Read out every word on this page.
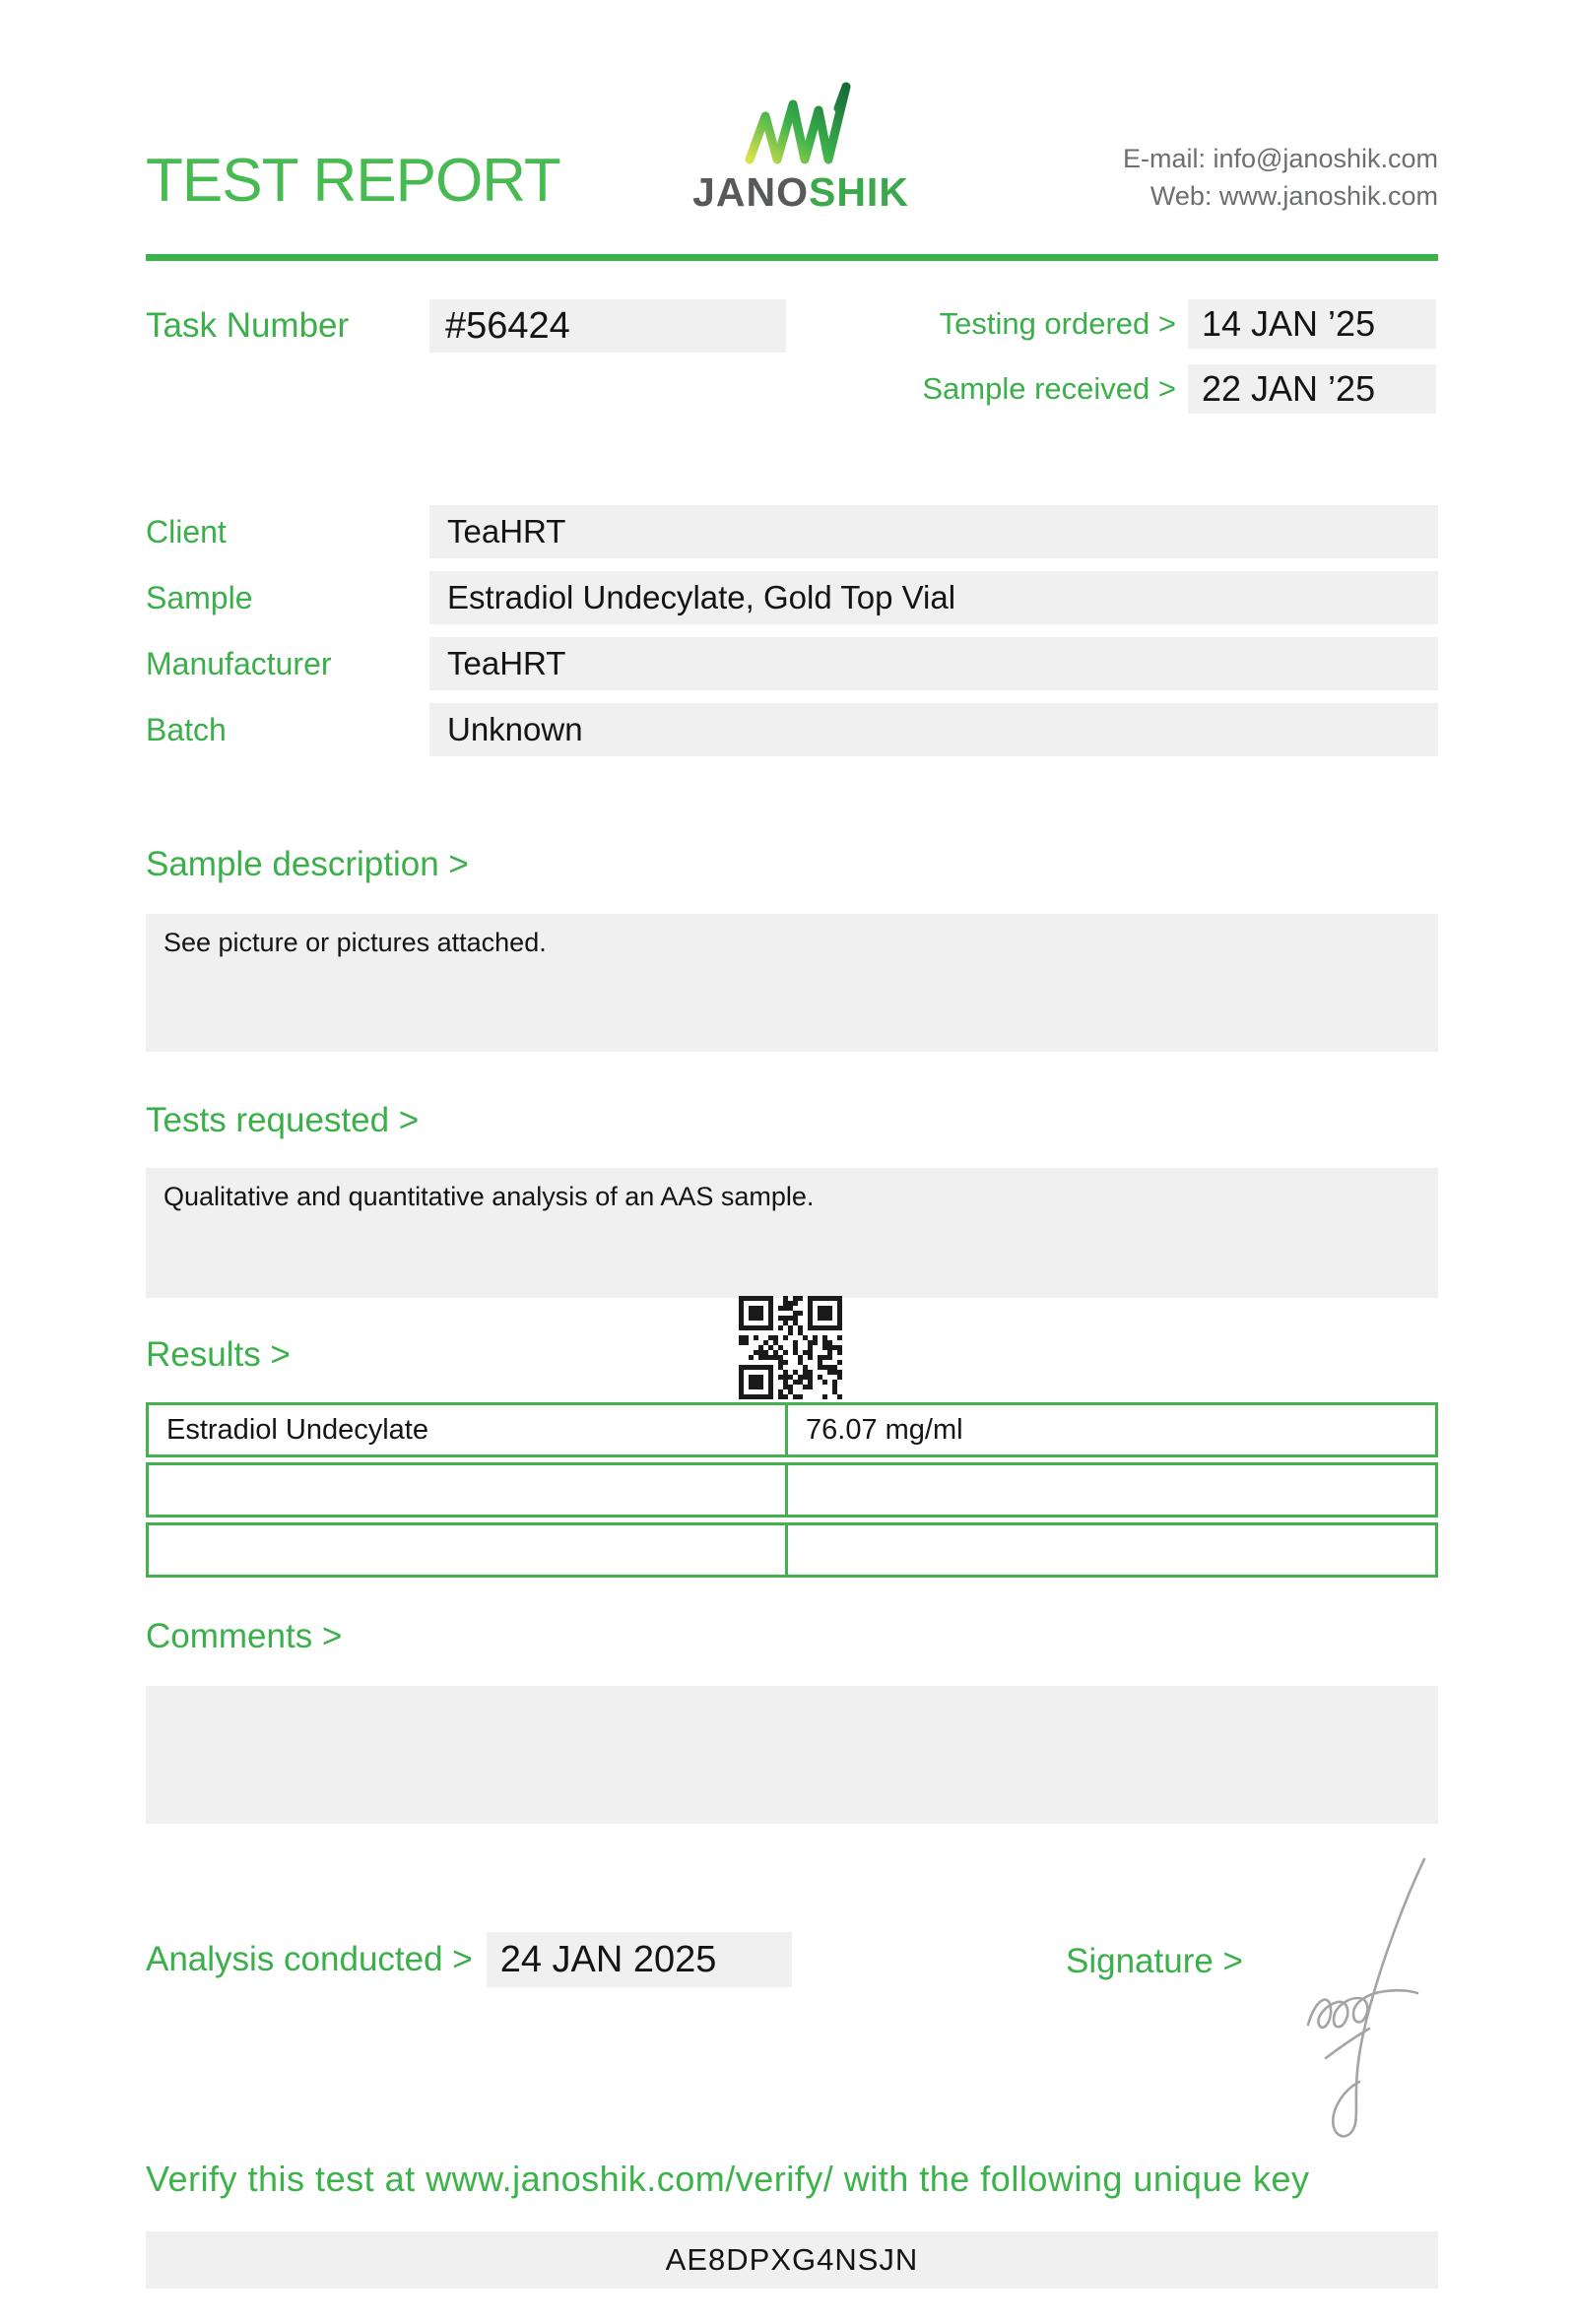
TEST REPORT	JANOSHIK
E-mail: info@janoshik.com
Web: www.janoshik.com
Task Number	#56424	Testing ordered > 14 JAN ’25
Sample received > 22 JAN ’25
Client	TeaHRT
Sample	Estradiol Undecylate, Gold Top Vial
Manufacturer	TeaHRT
Batch	Unknown
Sample description >
See picture or pictures attached.
Tests requested >
Qualitative and quantitative analysis of an AAS sample.
Results >
Estradiol Undecylate	76.07 mg/ml
Comments >
Analysis conducted > 24 JAN 2025	Signature >
Verify this test at www.janoshik.com/verify/ with the following unique key
AE8DPXG4NSJN
